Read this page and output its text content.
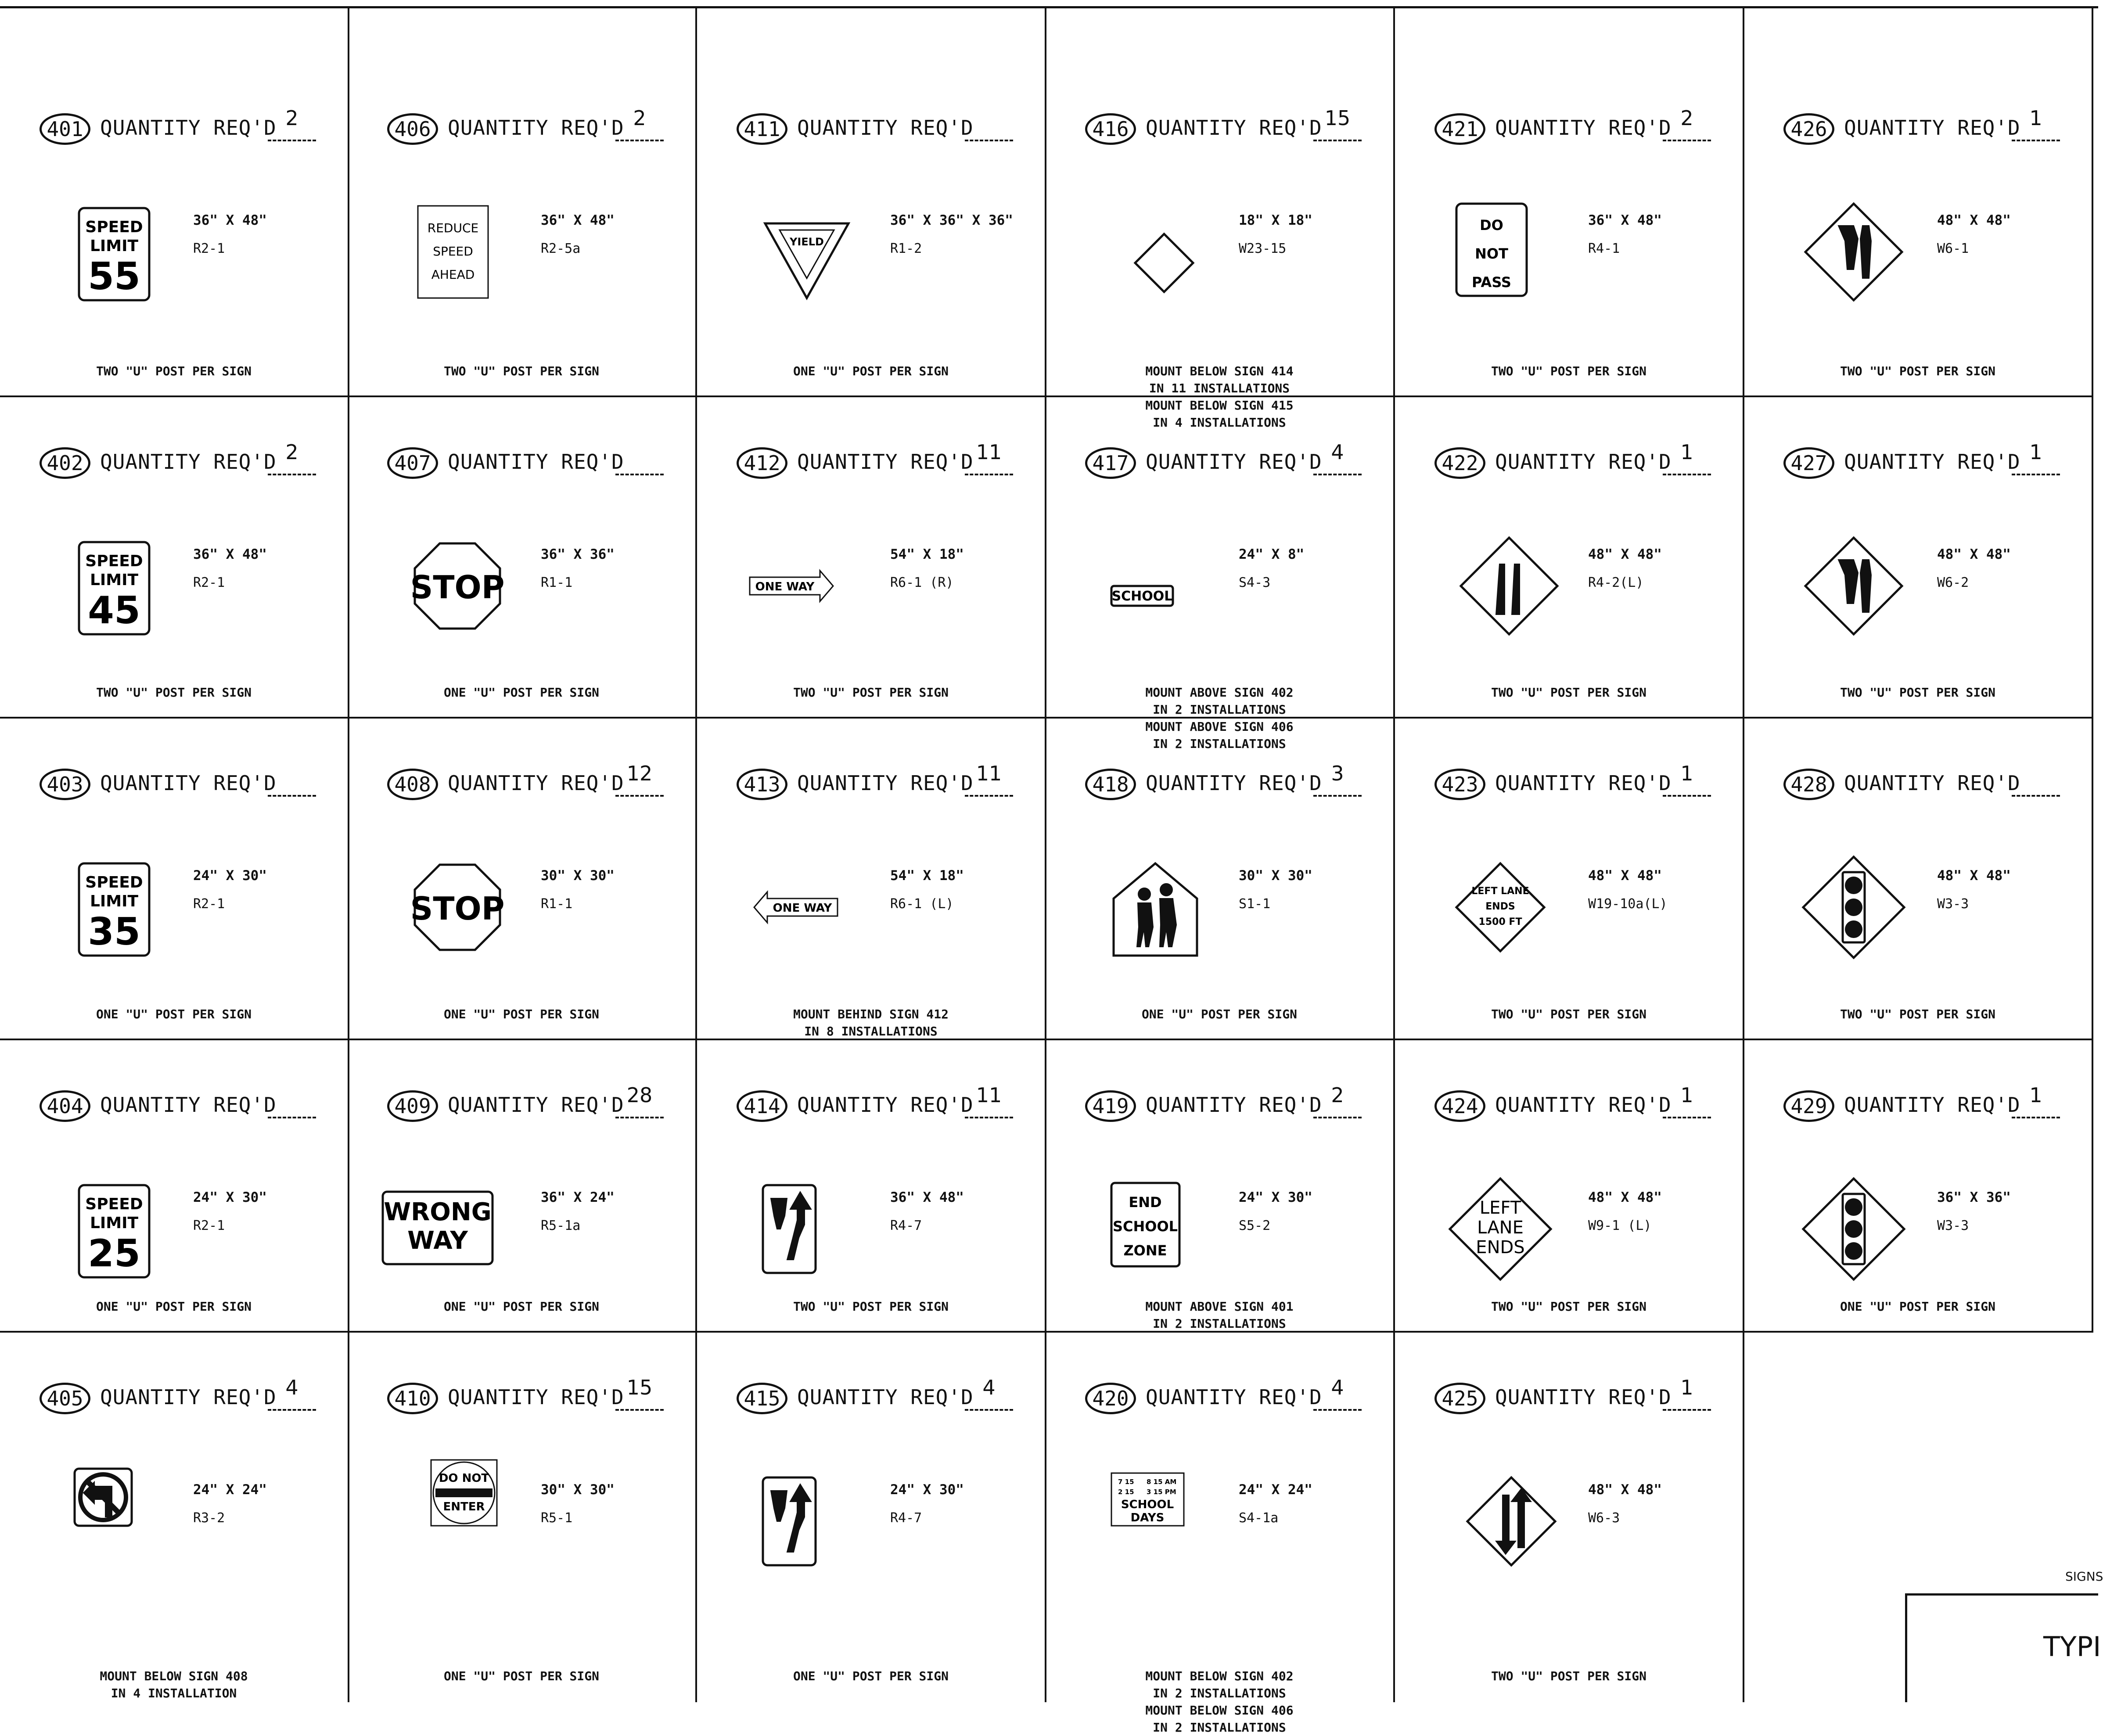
401 QUANTITY REQ'D 2
SPEED
LIMIT
55
36" X 48"
R2-1
TWO "U" POST PER SIGN
406 QUANTITY REQ'D 2
REDUCE
SPEED
AHEAD
36" X 48"
R2-5a
TWO "U" POST PER SIGN
411 QUANTITY REQ'D
YIELD
36" X 36" X 36"
R1-2
ONE "U" POST PER SIGN
416 QUANTITY REQ'D 15
18" X 18"
W23-15
MOUNT BELOW SIGN 414
IN 11 INSTALLATIONS
MOUNT BELOW SIGN 415
IN 4 INSTALLATIONS
421 QUANTITY REQ'D 2
DO
NOT
PASS
36" X 48"
R4-1
TWO "U" POST PER SIGN
426 QUANTITY REQ'D 1
48" X 48"
W6-1
TWO "U" POST PER SIGN
402 QUANTITY REQ'D 2
SPEED
LIMIT
45
36" X 48"
R2-1
TWO "U" POST PER SIGN
407 QUANTITY REQ'D
STOP
36" X 36"
R1-1
ONE "U" POST PER SIGN
412 QUANTITY REQ'D 11
ONE WAY
54" X 18"
R6-1 (R)
TWO "U" POST PER SIGN
417 QUANTITY REQ'D 4
SCHOOL
24" X 8"
S4-3
MOUNT ABOVE SIGN 402
IN 2 INSTALLATIONS
MOUNT ABOVE SIGN 406
IN 2 INSTALLATIONS
422 QUANTITY REQ'D 1
48" X 48"
R4-2(L)
TWO "U" POST PER SIGN
427 QUANTITY REQ'D 1
48" X 48"
W6-2
TWO "U" POST PER SIGN
403 QUANTITY REQ'D
SPEED
LIMIT
35
24" X 30"
R2-1
ONE "U" POST PER SIGN
408 QUANTITY REQ'D 12
STOP
30" X 30"
R1-1
ONE "U" POST PER SIGN
413 QUANTITY REQ'D 11
ONE WAY
54" X 18"
R6-1 (L)
MOUNT BEHIND SIGN 412
IN 8 INSTALLATIONS
418 QUANTITY REQ'D 3
30" X 30"
S1-1
ONE "U" POST PER SIGN
423 QUANTITY REQ'D 1
LEFT LANE
ENDS
1500 FT
48" X 48"
W19-10a(L)
TWO "U" POST PER SIGN
428 QUANTITY REQ'D
48" X 48"
W3-3
TWO "U" POST PER SIGN
404 QUANTITY REQ'D
SPEED
LIMIT
25
24" X 30"
R2-1
ONE "U" POST PER SIGN
409 QUANTITY REQ'D 28
WRONG
WAY
36" X 24"
R5-1a
ONE "U" POST PER SIGN
414 QUANTITY REQ'D 11
36" X 48"
R4-7
TWO "U" POST PER SIGN
419 QUANTITY REQ'D 2
END
SCHOOL
ZONE
24" X 30"
S5-2
MOUNT ABOVE SIGN 401
IN 2 INSTALLATIONS
424 QUANTITY REQ'D 1
LEFT
LANE
ENDS
48" X 48"
W9-1 (L)
TWO "U" POST PER SIGN
429 QUANTITY REQ'D 1
36" X 36"
W3-3
ONE "U" POST PER SIGN
405 QUANTITY REQ'D 4
24" X 24"
R3-2
MOUNT BELOW SIGN 408
IN 4 INSTALLATION
410 QUANTITY REQ'D 15
DO NOT
ENTER
30" X 30"
R5-1
ONE "U" POST PER SIGN
415 QUANTITY REQ'D 4
24" X 30"
R4-7
ONE "U" POST PER SIGN
420 QUANTITY REQ'D 4
7 15 8 15 AM
2 15 3 15 PM
SCHOOL
DAYS
24" X 24"
S4-1a
MOUNT BELOW SIGN 402
IN 2 INSTALLATIONS
MOUNT BELOW SIGN 406
IN 2 INSTALLATIONS
425 QUANTITY REQ'D 1
48" X 48"
W6-3
TWO "U" POST PER SIGN
SIGNS
TYPI
